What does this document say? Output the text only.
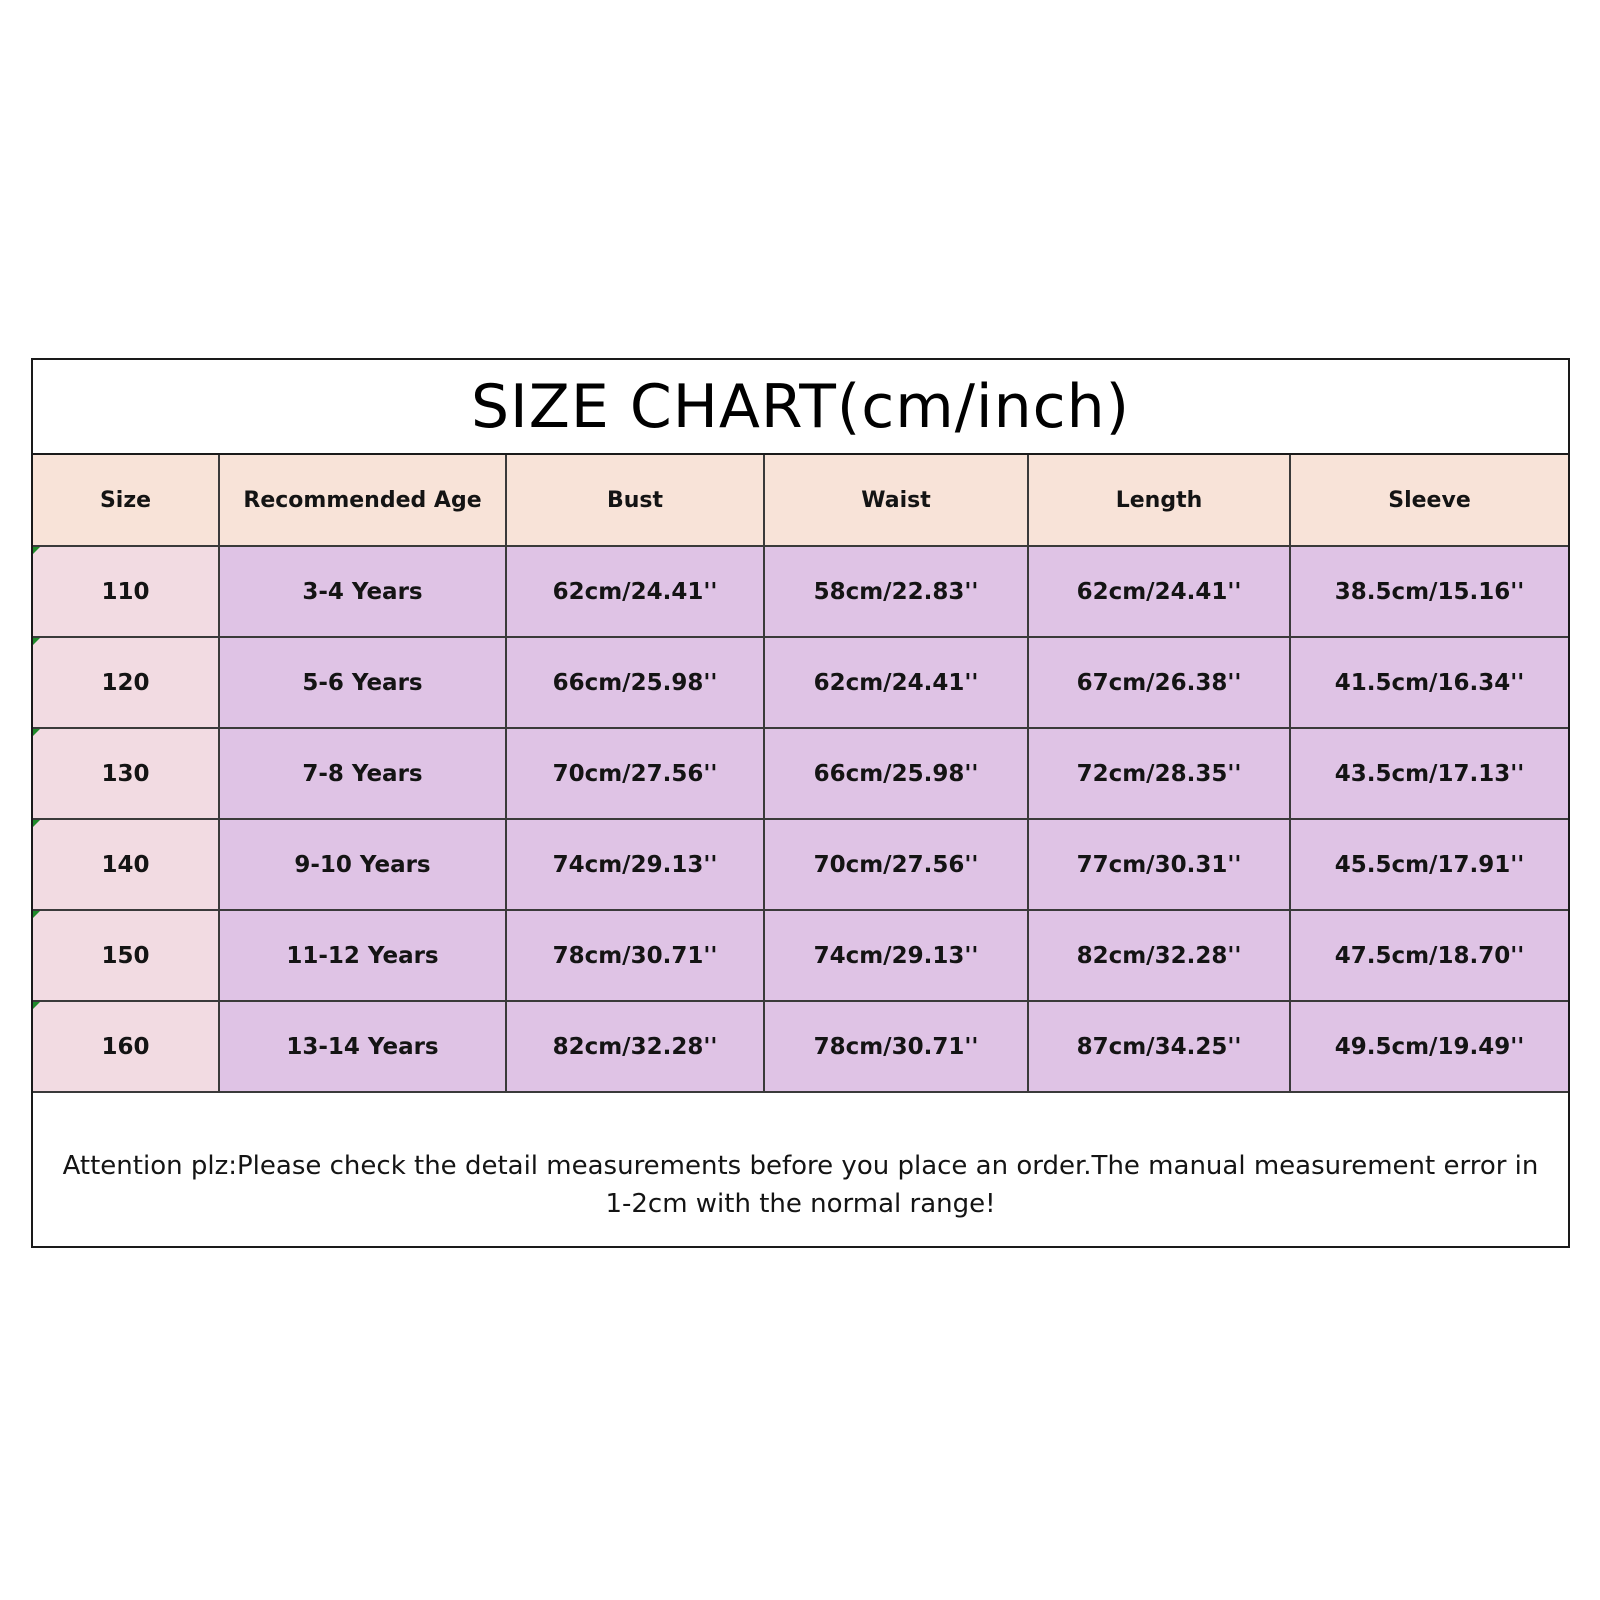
SIZE CHART(cm/inch)
Size	Recommended Age	Bust	Waist	Length	Sleeve

110	3-4 Years	62cm/24.41''	58cm/22.83''	62cm/24.41''	38.5cm/15.16''

120	5-6 Years	66cm/25.98''	62cm/24.41''	67cm/26.38''	41.5cm/16.34''

130	7-8 Years	70cm/27.56''	66cm/25.98''	72cm/28.35''	43.5cm/17.13''

140	9-10 Years	74cm/29.13''	70cm/27.56''	77cm/30.31''	45.5cm/17.91''

150	11-12 Years	78cm/30.71''	74cm/29.13''	82cm/32.28''	47.5cm/18.70''

160	13-14 Years	82cm/32.28''	78cm/30.71''	87cm/34.25''	49.5cm/19.49''
Attention plz:Please check the detail measurements before you place an order.The manual measurement error in 1-2cm with the normal range!
